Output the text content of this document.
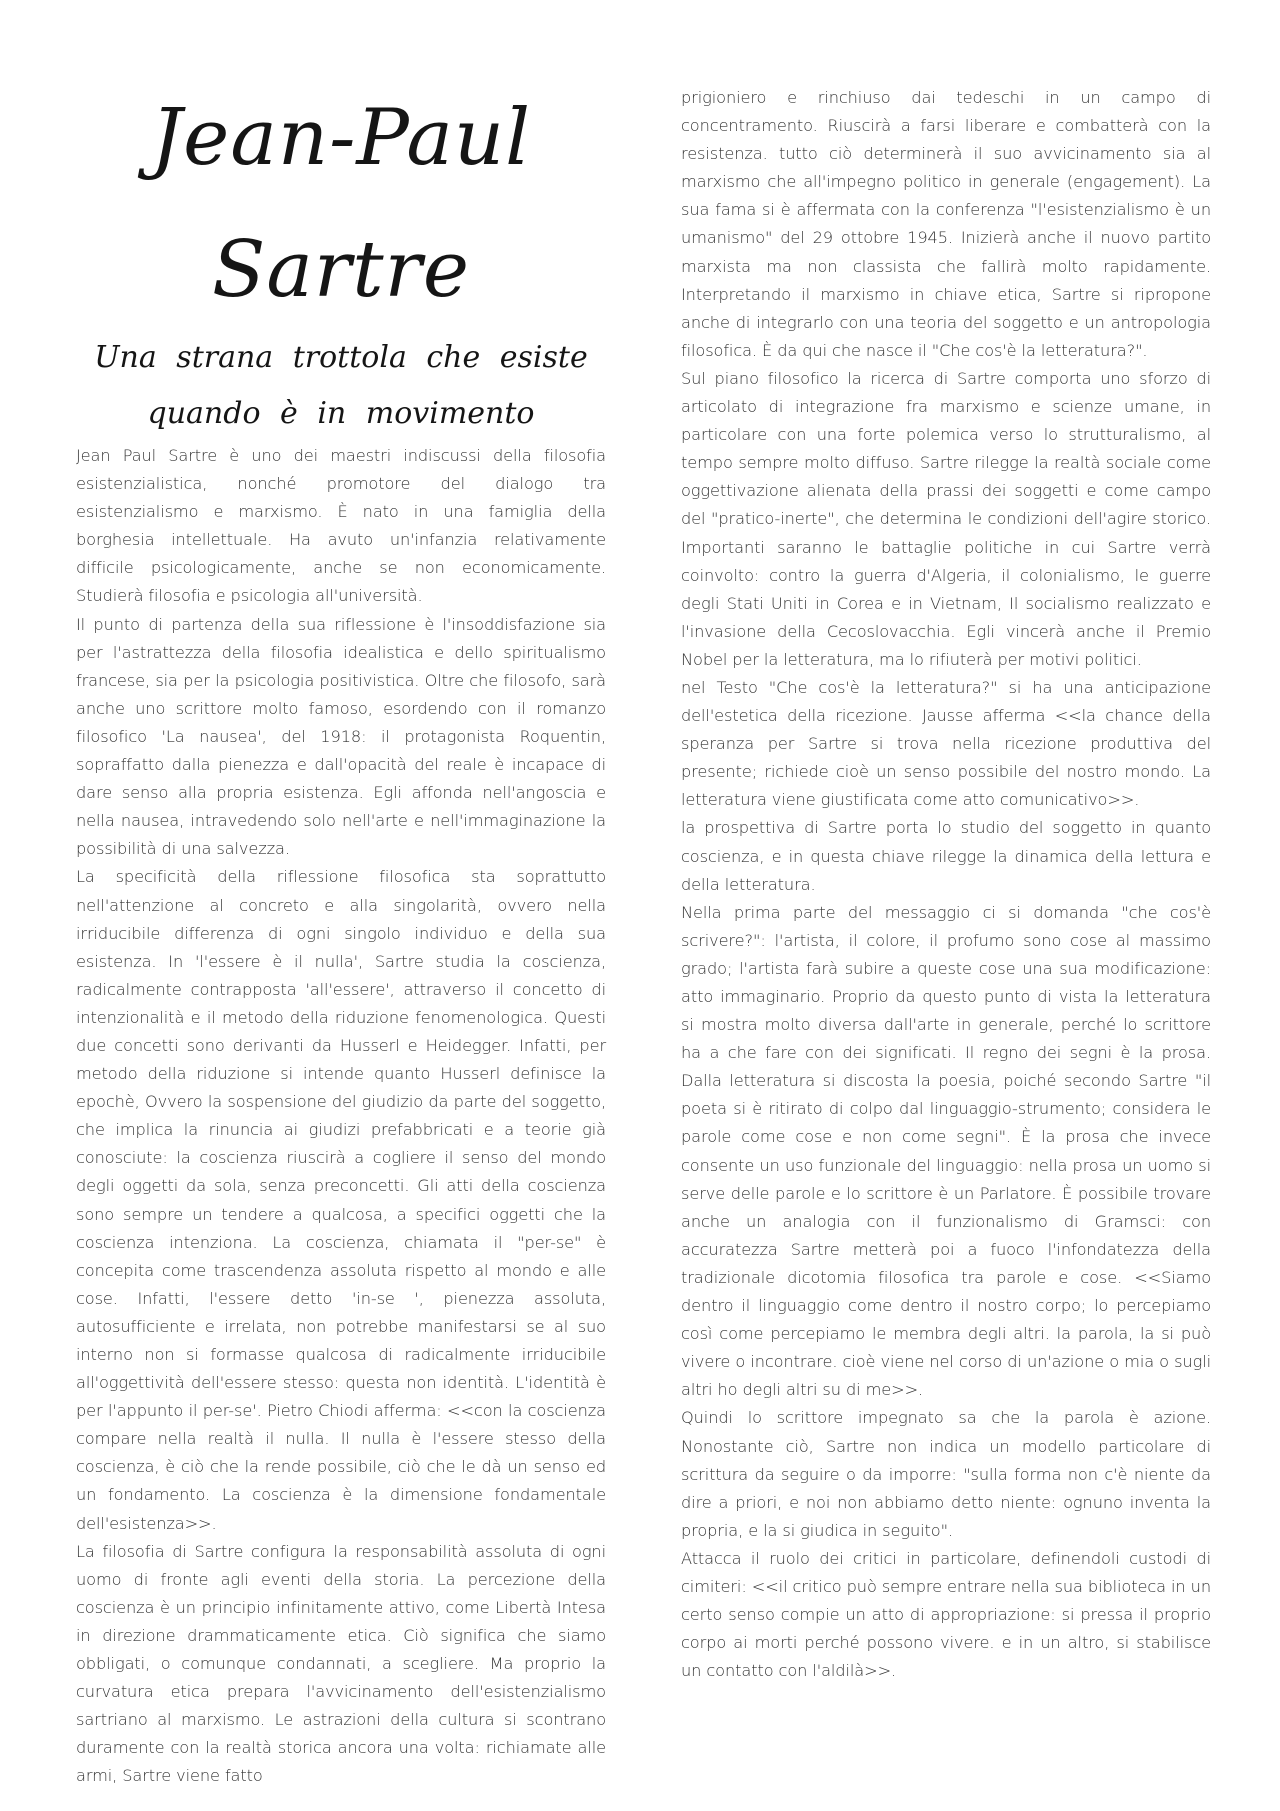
Jean-Paul
Sartre
Una strana trottola che esiste quando è in movimento

Jean Paul Sartre è uno dei maestri indiscussi della filosofia esistenzialistica, nonché promotore del dialogo tra esistenzialismo e marxismo. È nato in una famiglia della borghesia intellettuale. Ha avuto un'infanzia relativamente difficile psicologicamente, anche se non economicamente. Studierà filosofia e psicologia all'università.

Il punto di partenza della sua riflessione è l'insoddisfazione sia per l'astrattezza della filosofia idealistica e dello spiritualismo francese, sia per la psicologia positivistica. Oltre che filosofo, sarà anche uno scrittore molto famoso, esordendo con il romanzo filosofico 'La nausea', del 1918: il protagonista Roquentin, sopraffatto dalla pienezza e dall'opacità del reale è incapace di dare senso alla propria esistenza. Egli affonda nell'angoscia e nella nausea, intravedendo solo nell'arte e nell'immaginazione la possibilità di una salvezza.

La specificità della riflessione filosofica sta soprattutto nell'attenzione al concreto e alla singolarità, ovvero nella irriducibile differenza di ogni singolo individuo e della sua esistenza. In 'l'essere è il nulla', Sartre studia la coscienza, radicalmente contrapposta 'all'essere', attraverso il concetto di intenzionalità e il metodo della riduzione fenomenologica. Questi due concetti sono derivanti da Husserl e Heidegger. Infatti, per metodo della riduzione si intende quanto Husserl definisce la epochè, Ovvero la sospensione del giudizio da parte del soggetto, che implica la rinuncia ai giudizi prefabbricati e a teorie già conosciute: la coscienza riuscirà a cogliere il senso del mondo degli oggetti da sola, senza preconcetti. Gli atti della coscienza sono sempre un tendere a qualcosa, a specifici oggetti che la coscienza intenziona. La coscienza, chiamata il "per-se" è concepita come trascendenza assoluta rispetto al mondo e alle cose. Infatti, l'essere detto 'in-se ', pienezza assoluta, autosufficiente e irrelata, non potrebbe manifestarsi se al suo interno non si formasse qualcosa di radicalmente irriducibile all'oggettività dell'essere stesso: questa non identità. L'identità è per l'appunto il per-se'. Pietro Chiodi afferma: <<con la coscienza compare nella realtà il nulla. Il nulla è l'essere stesso della coscienza, è ciò che la rende possibile, ciò che le dà un senso ed un fondamento. La coscienza è la dimensione fondamentale dell'esistenza>>.

La filosofia di Sartre configura la responsabilità assoluta di ogni uomo di fronte agli eventi della storia. La percezione della coscienza è un principio infinitamente attivo, come Libertà Intesa in direzione drammaticamente etica. Ciò significa che siamo obbligati, o comunque condannati, a scegliere. Ma proprio la curvatura etica prepara l'avvicinamento dell'esistenzialismo sartriano al marxismo. Le astrazioni della cultura si scontrano duramente con la realtà storica ancora una volta: richiamate alle armi, Sartre viene fatto

prigioniero e rinchiuso dai tedeschi in un campo di concentramento. Riuscirà a farsi liberare e combatterà con la resistenza. tutto ciò determinerà il suo avvicinamento sia al marxismo che all'impegno politico in generale (engagement). La sua fama si è affermata con la conferenza "l'esistenzialismo è un umanismo" del 29 ottobre 1945. Inizierà anche il nuovo partito marxista ma non classista che fallirà molto rapidamente. Interpretando il marxismo in chiave etica, Sartre si ripropone anche di integrarlo con una teoria del soggetto e un antropologia filosofica. È da qui che nasce il "Che cos'è la letteratura?".

Sul piano filosofico la ricerca di Sartre comporta uno sforzo di articolato di integrazione fra marxismo e scienze umane, in particolare con una forte polemica verso lo strutturalismo, al tempo sempre molto diffuso. Sartre rilegge la realtà sociale come oggettivazione alienata della prassi dei soggetti e come campo del "pratico-inerte", che determina le condizioni dell'agire storico. Importanti saranno le battaglie politiche in cui Sartre verrà coinvolto: contro la guerra d'Algeria, il colonialismo, le guerre degli Stati Uniti in Corea e in Vietnam, Il socialismo realizzato e l'invasione della Cecoslovacchia. Egli vincerà anche il Premio Nobel per la letteratura, ma lo rifiuterà per motivi politici.

nel Testo "Che cos'è la letteratura?" si ha una anticipazione dell'estetica della ricezione. Jausse afferma <<la chance della speranza per Sartre si trova nella ricezione produttiva del presente; richiede cioè un senso possibile del nostro mondo. La letteratura viene giustificata come atto comunicativo>>.

la prospettiva di Sartre porta lo studio del soggetto in quanto coscienza, e in questa chiave rilegge la dinamica della lettura e della letteratura.

Nella prima parte del messaggio ci si domanda "che cos'è scrivere?": l'artista, il colore, il profumo sono cose al massimo grado; l'artista farà subire a queste cose una sua modificazione: atto immaginario. Proprio da questo punto di vista la letteratura si mostra molto diversa dall'arte in generale, perché lo scrittore ha a che fare con dei significati. Il regno dei segni è la prosa. Dalla letteratura si discosta la poesia, poiché secondo Sartre "il poeta si è ritirato di colpo dal linguaggio-strumento; considera le parole come cose e non come segni". È la prosa che invece consente un uso funzionale del linguaggio: nella prosa un uomo si serve delle parole e lo scrittore è un Parlatore. È possibile trovare anche un analogia con il funzionalismo di Gramsci: con accuratezza Sartre metterà poi a fuoco l'infondatezza della tradizionale dicotomia filosofica tra parole e cose. <<Siamo dentro il linguaggio come dentro il nostro corpo; lo percepiamo così come percepiamo le membra degli altri. la parola, la si può vivere o incontrare. cioè viene nel corso di un'azione o mia o sugli altri ho degli altri su di me>>.

Quindi lo scrittore impegnato sa che la parola è azione. Nonostante ciò, Sartre non indica un modello particolare di scrittura da seguire o da imporre: "sulla forma non c'è niente da dire a priori, e noi non abbiamo detto niente: ognuno inventa la propria, e la si giudica in seguito".

Attacca il ruolo dei critici in particolare, definendoli custodi di cimiteri: <<il critico può sempre entrare nella sua biblioteca in un certo senso compie un atto di appropriazione: si pressa il proprio corpo ai morti perché possono vivere. e in un altro, si stabilisce un contatto con l'aldilà>>.
